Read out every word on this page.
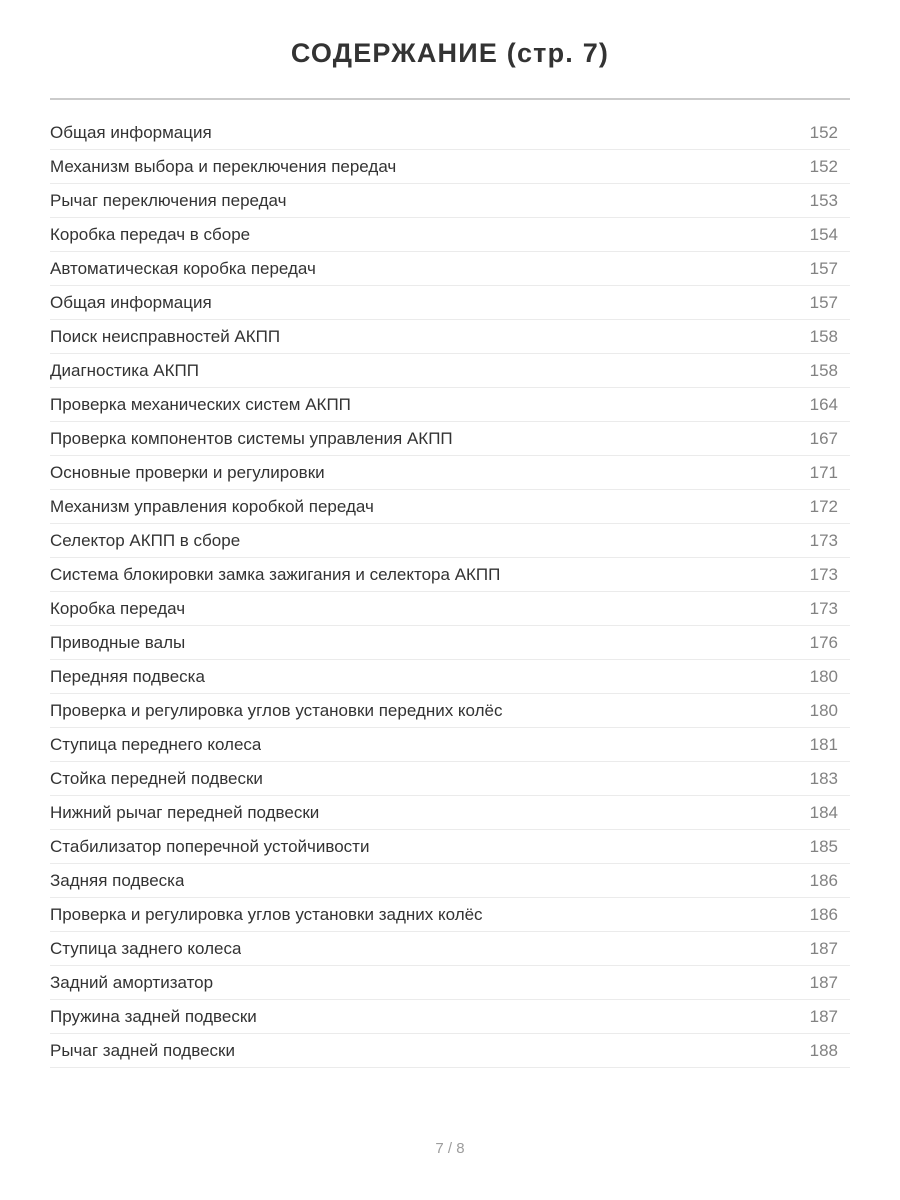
СОДЕРЖАНИЕ (стр. 7)
Общая информация	152
Механизм выбора и переключения передач	152
Рычаг переключения передач	153
Коробка передач в сборе	154
Автоматическая коробка передач	157
Общая информация	157
Поиск неисправностей АКПП	158
Диагностика АКПП	158
Проверка механических систем АКПП	164
Проверка компонентов системы управления АКПП	167
Основные проверки и регулировки	171
Механизм управления коробкой передач	172
Селектор АКПП в сборе	173
Система блокировки замка зажигания и селектора АКПП	173
Коробка передач	173
Приводные валы	176
Передняя подвеска	180
Проверка и регулировка углов установки передних колёс	180
Ступица переднего колеса	181
Стойка передней подвески	183
Нижний рычаг передней подвески	184
Стабилизатор поперечной устойчивости	185
Задняя подвеска	186
Проверка и регулировка углов установки задних колёс	186
Ступица заднего колеса	187
Задний амортизатор	187
Пружина задней подвески	187
Рычаг задней подвески	188
7 / 8
